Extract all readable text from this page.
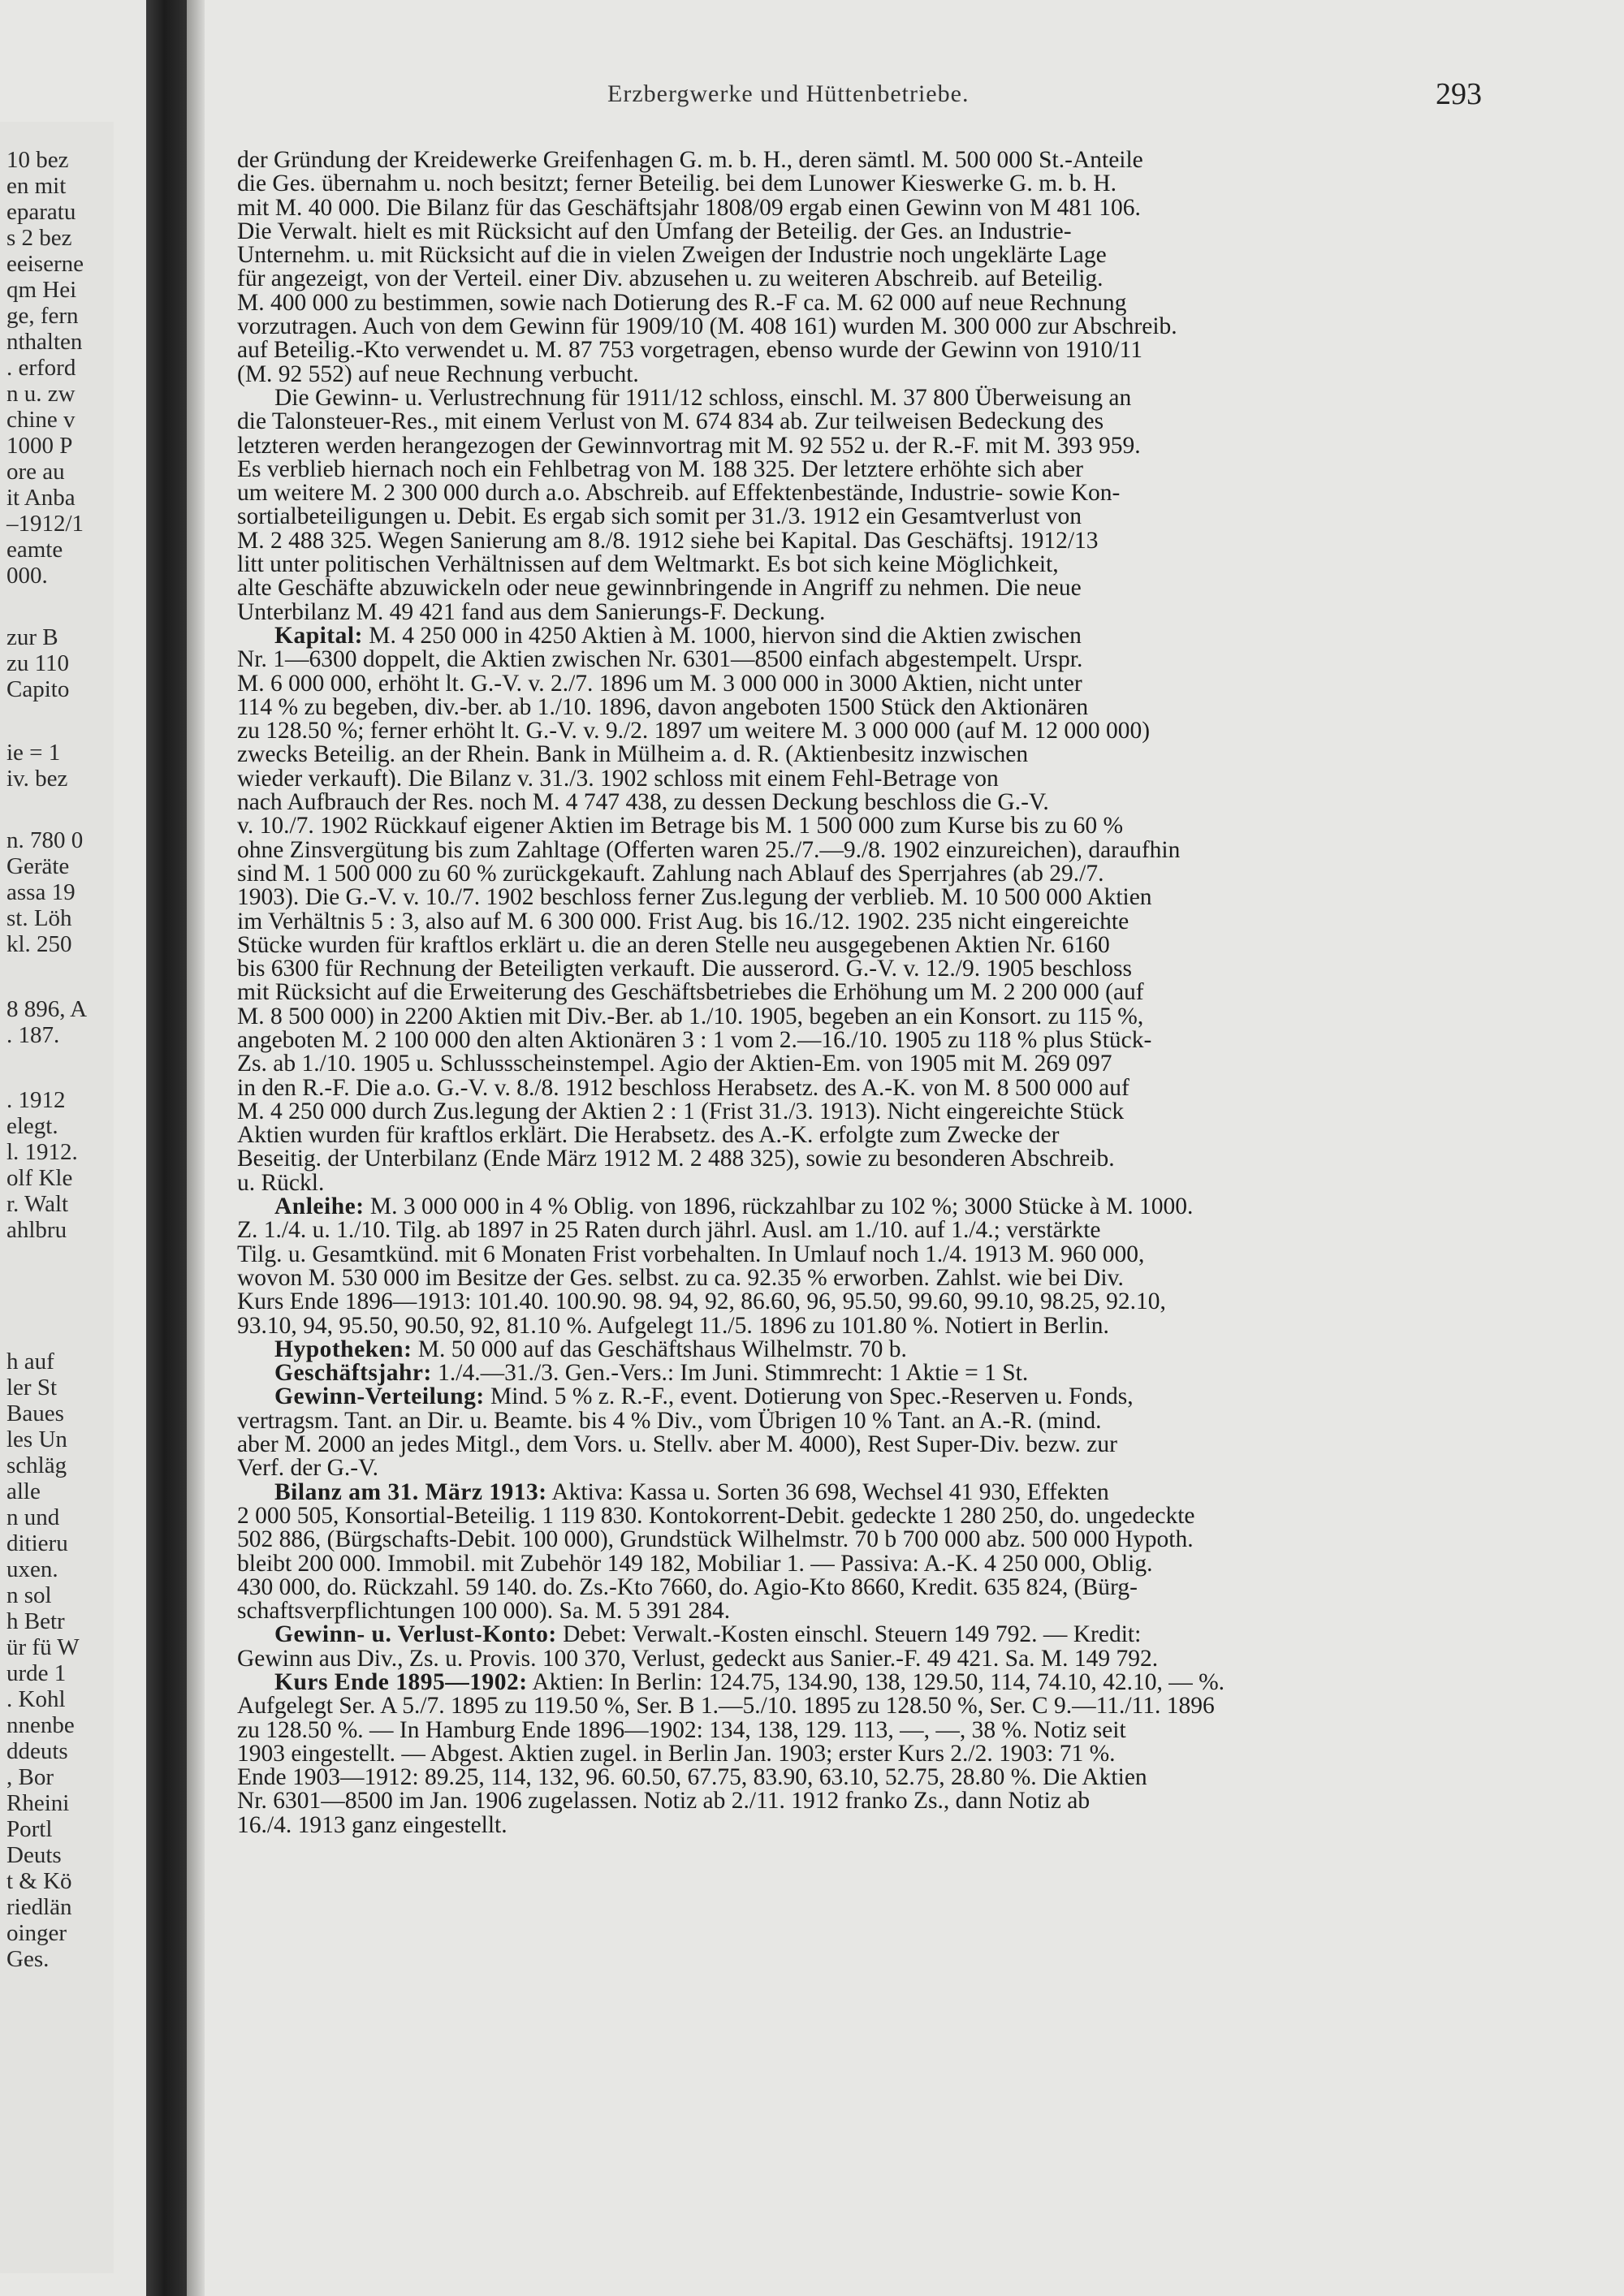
10 bez
en mit
eparatu
s 2 bez
eeiserne
qm Hei
ge, fern
nthalten
. erford
n u. zw
chine v
1000 P
ore au
it Anba
–1912/1
eamte
000.
zur B
zu 110
Capito
ie = 1
iv. bez
n. 780 0
Geräte
assa 19
st. Löh
kl. 250
8 896, A
. 187.
. 1912
elegt.
l. 1912.
olf Kle
r. Walt
ahlbru
h auf
ler St
Baues
les Un
schläg
alle
n und
ditieru
uxen.
n sol
h Betr
ür fü W
urde 1
. Kohl
nnenbe
ddeuts
, Bor
Rheini
Portl
Deuts
t & Kö
riedlän
oinger
Ges.
Erzbergwerke und Hüttenbetriebe.	293
der Gründung der Kreidewerke Greifenhagen G. m. b. H., deren sämtl. M. 500 000 St.-Anteile
die Ges. übernahm u. noch besitzt; ferner Beteilig. bei dem Lunower Kieswerke G. m. b. H.
mit M. 40 000. Die Bilanz für das Geschäftsjahr 1808/09 ergab einen Gewinn von M 481 106.
Die Verwalt. hielt es mit Rücksicht auf den Umfang der Beteilig. der Ges. an Industrie-
Unternehm. u. mit Rücksicht auf die in vielen Zweigen der Industrie noch ungeklärte Lage
für angezeigt, von der Verteil. einer Div. abzusehen u. zu weiteren Abschreib. auf Beteilig.
M. 400 000 zu bestimmen, sowie nach Dotierung des R.-F ca. M. 62 000 auf neue Rechnung
vorzutragen. Auch von dem Gewinn für 1909/10 (M. 408 161) wurden M. 300 000 zur Abschreib.
auf Beteilig.-Kto verwendet u. M. 87 753 vorgetragen, ebenso wurde der Gewinn von 1910/11
(M. 92 552) auf neue Rechnung verbucht.
Die Gewinn- u. Verlustrechnung für 1911/12 schloss, einschl. M. 37 800 Überweisung an
die Talonsteuer-Res., mit einem Verlust von M. 674 834 ab. Zur teilweisen Bedeckung des
letzteren werden herangezogen der Gewinnvortrag mit M. 92 552 u. der R.-F. mit M. 393 959.
Es verblieb hiernach noch ein Fehlbetrag von M. 188 325. Der letztere erhöhte sich aber
um weitere M. 2 300 000 durch a.o. Abschreib. auf Effektenbestände, Industrie- sowie Kon-
sortialbeteiligungen u. Debit. Es ergab sich somit per 31./3. 1912 ein Gesamtverlust von
M. 2 488 325. Wegen Sanierung am 8./8. 1912 siehe bei Kapital. Das Geschäftsj. 1912/13
litt unter politischen Verhältnissen auf dem Weltmarkt. Es bot sich keine Möglichkeit,
alte Geschäfte abzuwickeln oder neue gewinnbringende in Angriff zu nehmen. Die neue
Unterbilanz M. 49 421 fand aus dem Sanierungs-F. Deckung.
Kapital: M. 4 250 000 in 4250 Aktien à M. 1000, hiervon sind die Aktien zwischen
Nr. 1—6300 doppelt, die Aktien zwischen Nr. 6301—8500 einfach abgestempelt. Urspr.
M. 6 000 000, erhöht lt. G.-V. v. 2./7. 1896 um M. 3 000 000 in 3000 Aktien, nicht unter
114 % zu begeben, div.-ber. ab 1./10. 1896, davon angeboten 1500 Stück den Aktionären
zu 128.50 %; ferner erhöht lt. G.-V. v. 9./2. 1897 um weitere M. 3 000 000 (auf M. 12 000 000)
zwecks Beteilig. an der Rhein. Bank in Mülheim a. d. R. (Aktienbesitz inzwischen
wieder verkauft). Die Bilanz v. 31./3. 1902 schloss mit einem Fehl-Betrage von
nach Aufbrauch der Res. noch M. 4 747 438, zu dessen Deckung beschloss die G.-V.
v. 10./7. 1902 Rückkauf eigener Aktien im Betrage bis M. 1 500 000 zum Kurse bis zu 60 %
ohne Zinsvergütung bis zum Zahltage (Offerten waren 25./7.—9./8. 1902 einzureichen), daraufhin
sind M. 1 500 000 zu 60 % zurückgekauft. Zahlung nach Ablauf des Sperrjahres (ab 29./7.
1903). Die G.-V. v. 10./7. 1902 beschloss ferner Zus.legung der verblieb. M. 10 500 000 Aktien
im Verhältnis 5 : 3, also auf M. 6 300 000. Frist Aug. bis 16./12. 1902. 235 nicht eingereichte
Stücke wurden für kraftlos erklärt u. die an deren Stelle neu ausgegebenen Aktien Nr. 6160
bis 6300 für Rechnung der Beteiligten verkauft. Die ausserord. G.-V. v. 12./9. 1905 beschloss
mit Rücksicht auf die Erweiterung des Geschäftsbetriebes die Erhöhung um M. 2 200 000 (auf
M. 8 500 000) in 2200 Aktien mit Div.-Ber. ab 1./10. 1905, begeben an ein Konsort. zu 115 %,
angeboten M. 2 100 000 den alten Aktionären 3 : 1 vom 2.—16./10. 1905 zu 118 % plus Stück-
Zs. ab 1./10. 1905 u. Schlussscheinstempel. Agio der Aktien-Em. von 1905 mit M. 269 097
in den R.-F. Die a.o. G.-V. v. 8./8. 1912 beschloss Herabsetz. des A.-K. von M. 8 500 000 auf
M. 4 250 000 durch Zus.legung der Aktien 2 : 1 (Frist 31./3. 1913). Nicht eingereichte Stück
Aktien wurden für kraftlos erklärt. Die Herabsetz. des A.-K. erfolgte zum Zwecke der
Beseitig. der Unterbilanz (Ende März 1912 M. 2 488 325), sowie zu besonderen Abschreib.
u. Rückl.
Anleihe: M. 3 000 000 in 4 % Oblig. von 1896, rückzahlbar zu 102 %; 3000 Stücke à M. 1000.
Z. 1./4. u. 1./10. Tilg. ab 1897 in 25 Raten durch jährl. Ausl. am 1./10. auf 1./4.; verstärkte
Tilg. u. Gesamtkünd. mit 6 Monaten Frist vorbehalten. In Umlauf noch 1./4. 1913 M. 960 000,
wovon M. 530 000 im Besitze der Ges. selbst. zu ca. 92.35 % erworben. Zahlst. wie bei Div.
Kurs Ende 1896—1913: 101.40. 100.90. 98. 94, 92, 86.60, 96, 95.50, 99.60, 99.10, 98.25, 92.10,
93.10, 94, 95.50, 90.50, 92, 81.10 %. Aufgelegt 11./5. 1896 zu 101.80 %. Notiert in Berlin.
Hypotheken: M. 50 000 auf das Geschäftshaus Wilhelmstr. 70 b.
Geschäftsjahr: 1./4.—31./3. Gen.-Vers.: Im Juni. Stimmrecht: 1 Aktie = 1 St.
Gewinn-Verteilung: Mind. 5 % z. R.-F., event. Dotierung von Spec.-Reserven u. Fonds,
vertragsm. Tant. an Dir. u. Beamte. bis 4 % Div., vom Übrigen 10 % Tant. an A.-R. (mind.
aber M. 2000 an jedes Mitgl., dem Vors. u. Stellv. aber M. 4000), Rest Super-Div. bezw. zur
Verf. der G.-V.
Bilanz am 31. März 1913: Aktiva: Kassa u. Sorten 36 698, Wechsel 41 930, Effekten
2 000 505, Konsortial-Beteilig. 1 119 830. Kontokorrent-Debit. gedeckte 1 280 250, do. ungedeckte
502 886, (Bürgschafts-Debit. 100 000), Grundstück Wilhelmstr. 70 b 700 000 abz. 500 000 Hypoth.
bleibt 200 000. Immobil. mit Zubehör 149 182, Mobiliar 1. — Passiva: A.-K. 4 250 000, Oblig.
430 000, do. Rückzahl. 59 140. do. Zs.-Kto 7660, do. Agio-Kto 8660, Kredit. 635 824, (Bürg-
schaftsverpflichtungen 100 000). Sa. M. 5 391 284.
Gewinn- u. Verlust-Konto: Debet: Verwalt.-Kosten einschl. Steuern 149 792. — Kredit:
Gewinn aus Div., Zs. u. Provis. 100 370, Verlust, gedeckt aus Sanier.-F. 49 421. Sa. M. 149 792.
Kurs Ende 1895—1902: Aktien: In Berlin: 124.75, 134.90, 138, 129.50, 114, 74.10, 42.10, — %.
Aufgelegt Ser. A 5./7. 1895 zu 119.50 %, Ser. B 1.—5./10. 1895 zu 128.50 %, Ser. C 9.—11./11. 1896
zu 128.50 %. — In Hamburg Ende 1896—1902: 134, 138, 129. 113, —, —, 38 %. Notiz seit
1903 eingestellt. — Abgest. Aktien zugel. in Berlin Jan. 1903; erster Kurs 2./2. 1903: 71 %.
Ende 1903—1912: 89.25, 114, 132, 96. 60.50, 67.75, 83.90, 63.10, 52.75, 28.80 %. Die Aktien
Nr. 6301—8500 im Jan. 1906 zugelassen. Notiz ab 2./11. 1912 franko Zs., dann Notiz ab
16./4. 1913 ganz eingestellt.
